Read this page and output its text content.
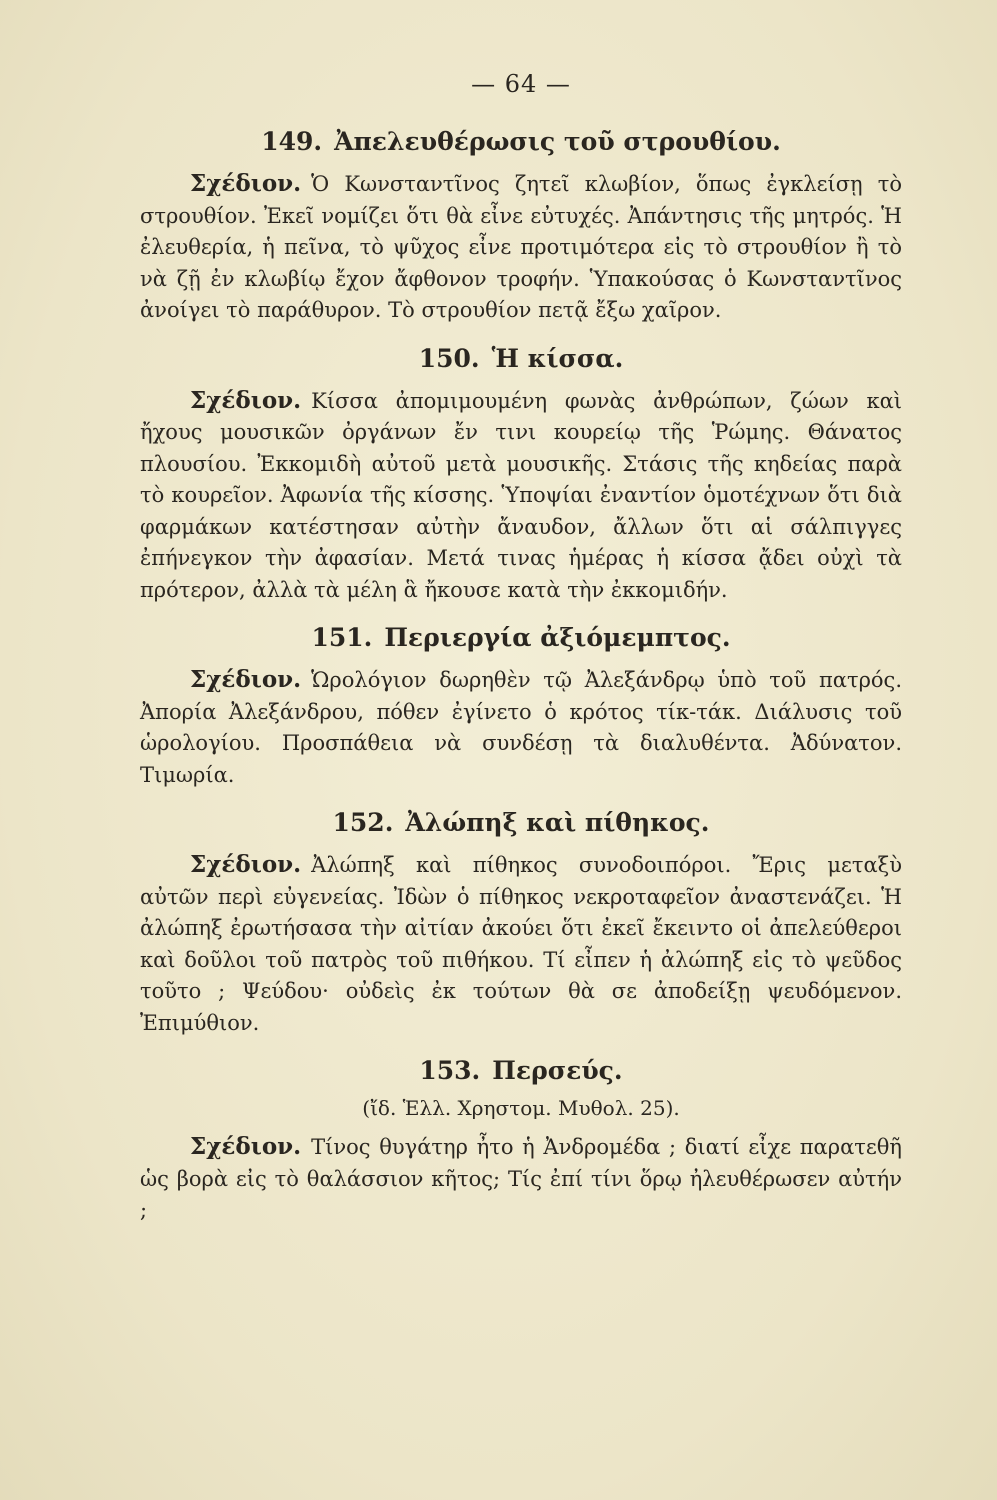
— 64 —
149. Ἀπελευθέρωσις τοῦ στρουθίου.

Σχέδιον. Ὁ Κωνσταντῖνος ζητεῖ κλωβίον, ὅπως ἐγκλείσῃ τὸ στρουθίον. Ἐκεῖ νομίζει ὅτι θὰ εἶνε εὐτυχές. Ἀπάντησις τῆς μητρός. Ἡ ἐλευθερία, ἡ πεῖνα, τὸ ψῦχος εἶνε προτιμότερα εἰς τὸ στρουθίον ἢ τὸ νὰ ζῇ ἐν κλωβίῳ ἔχον ἄφθονον τροφήν. Ὑπακούσας ὁ Κωνσταντῖνος ἀνοίγει τὸ παράθυρον. Τὸ στρουθίον πετᾷ ἔξω χαῖρον.

150. Ἡ κίσσα.

Σχέδιον. Κίσσα ἀπομιμουμένη φωνὰς ἀνθρώπων, ζώων καὶ ἤχους μουσικῶν ὀργάνων ἔν τινι κουρείῳ τῆς Ῥώμης. Θάνατος πλουσίου. Ἐκκομιδὴ αὐτοῦ μετὰ μουσικῆς. Στάσις τῆς κηδείας παρὰ τὸ κουρεῖον. Ἀφωνία τῆς κίσσης. Ὑποψίαι ἐναντίον ὁμοτέχνων ὅτι διὰ φαρμάκων κατέστησαν αὐτὴν ἄναυδον, ἄλλων ὅτι αἱ σάλπιγγες ἐπήνεγκον τὴν ἀφασίαν. Μετά τινας ἡμέρας ἡ κίσσα ᾄδει οὐχὶ τὰ πρότερον, ἀλλὰ τὰ μέλη ἃ ἤκουσε κατὰ τὴν ἐκκομιδήν.

151. Περιεργία ἀξιόμεμπτος.

Σχέδιον. Ὡρολόγιον δωρηθὲν τῷ Ἀλεξάνδρῳ ὑπὸ τοῦ πατρός. Ἀπορία Ἀλεξάνδρου, πόθεν ἐγίνετο ὁ κρότος τίκ-τάκ. Διάλυσις τοῦ ὡρολογίου. Προσπάθεια νὰ συνδέσῃ τὰ διαλυθέντα. Ἀδύνατον. Τιμωρία.

152. Ἀλώπηξ καὶ πίθηκος.

Σχέδιον. Ἀλώπηξ καὶ πίθηκος συνοδοιπόροι. Ἔρις μεταξὺ αὐτῶν περὶ εὐγενείας. Ἰδὼν ὁ πίθηκος νεκροταφεῖον ἀναστενάζει. Ἡ ἀλώπηξ ἐρωτήσασα τὴν αἰτίαν ἀκούει ὅτι ἐκεῖ ἔκειντο οἱ ἀπελεύθεροι καὶ δοῦλοι τοῦ πατρὸς τοῦ πιθήκου. Τί εἶπεν ἡ ἀλώπηξ εἰς τὸ ψεῦδος τοῦτο ; Ψεύδου· οὐδεὶς ἐκ τούτων θὰ σε ἀποδείξῃ ψευδόμενον. Ἐπιμύθιον.

153. Περσεύς.
(ἴδ. Ἑλλ. Χρηστομ. Μυθολ. 25).

Σχέδιον. Τίνος θυγάτηρ ἦτο ἡ Ἀνδρομέδα ; διατί εἶχε παρατεθῆ ὡς βορὰ εἰς τὸ θαλάσσιον κῆτος; Τίς ἐπί τίνι ὅρῳ ἠλευθέρωσεν αὐτήν ;
